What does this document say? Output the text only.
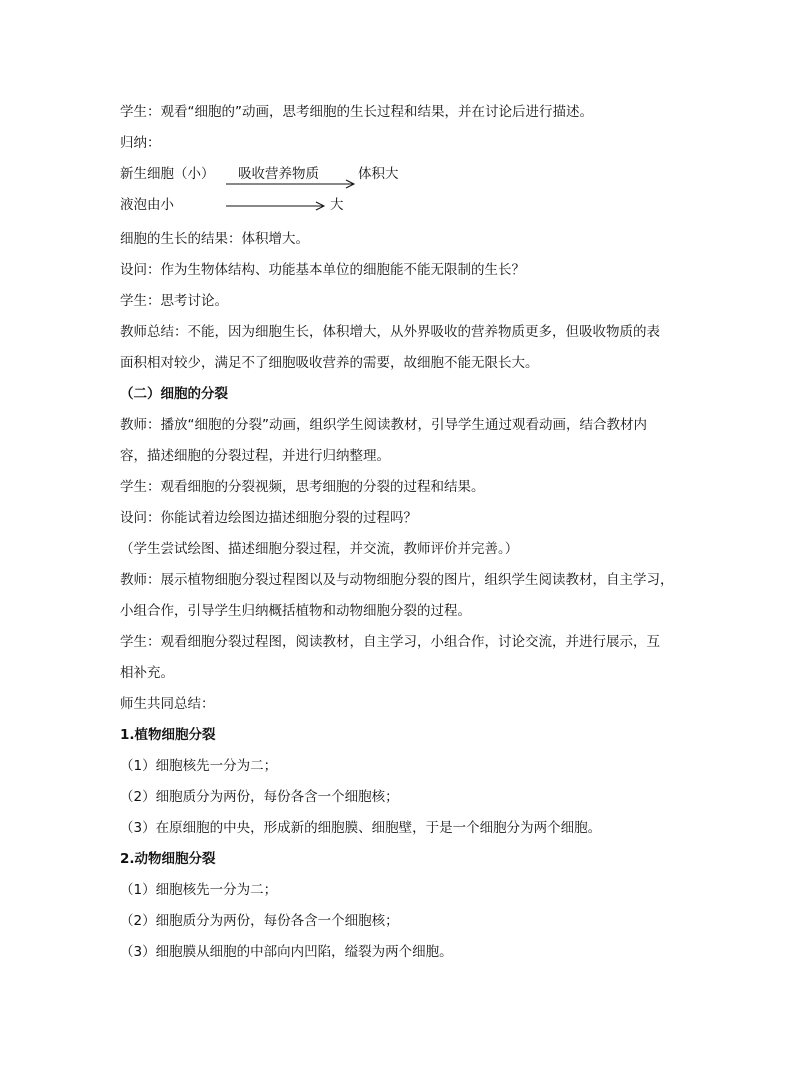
学生：观看“细胞的”动画，思考细胞的生长过程和结果，并在讨论后进行描述。
归纳：
新生细胞（小） 吸收营养物质	体积大
液泡由小	大
细胞的生长的结果：体积增大。
设问：作为生物体结构、功能基本单位的细胞能不能无限制的生长？
学生：思考讨论。
教师总结：不能，因为细胞生长，体积增大，从外界吸收的营养物质更多，但吸收物质的表
面积相对较少，满足不了细胞吸收营养的需要，故细胞不能无限长大。
（二）细胞的分裂
教师：播放“细胞的分裂”动画，组织学生阅读教材，引导学生通过观看动画，结合教材内
容，描述细胞的分裂过程，并进行归纳整理。
学生：观看细胞的分裂视频，思考细胞的分裂的过程和结果。
设问：你能试着边绘图边描述细胞分裂的过程吗？
（学生尝试绘图、描述细胞分裂过程，并交流，教师评价并完善。）
教师：展示植物细胞分裂过程图以及与动物细胞分裂的图片，组织学生阅读教材，自主学习，
小组合作，引导学生归纳概括植物和动物细胞分裂的过程。
学生：观看细胞分裂过程图，阅读教材，自主学习，小组合作，讨论交流，并进行展示，互
相补充。
师生共同总结：
1.植物细胞分裂
（1）细胞核先一分为二；
（2）细胞质分为两份，每份各含一个细胞核；
（3）在原细胞的中央，形成新的细胞膜、细胞壁，于是一个细胞分为两个细胞。
2.动物细胞分裂
（1）细胞核先一分为二；
（2）细胞质分为两份，每份各含一个细胞核；
（3）细胞膜从细胞的中部向内凹陷，缢裂为两个细胞。
